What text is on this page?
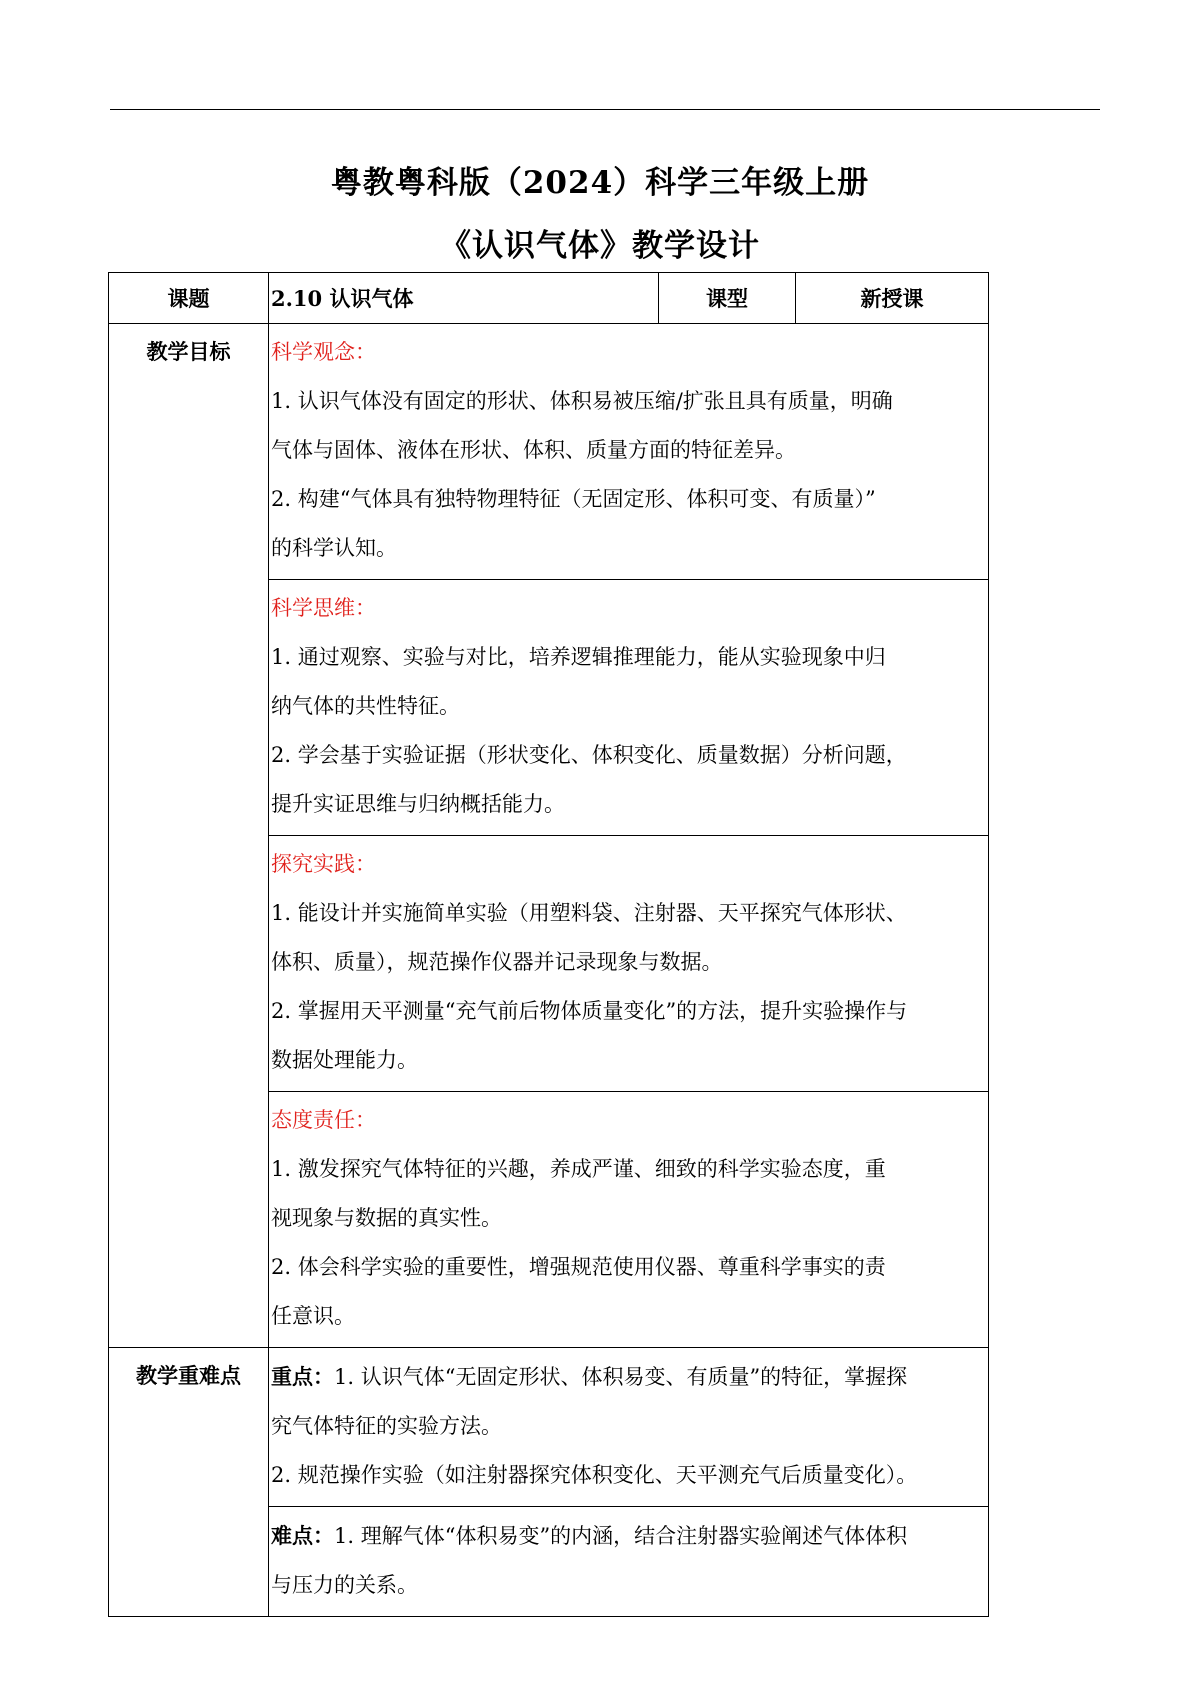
粤教粤科版（2024）科学三年级上册
《认识气体》教学设计
课题	2.10 认识气体	课型	新授课
教学目标	科学观念：

1. 认识气体没有固定的形状、体积易被压缩/扩张且具有质量，明确

气体与固体、液体在形状、体积、质量方面的特征差异。

2. 构建“气体具有独特物理特征（无固定形、体积可变、有质量）”

的科学认知。		

	科学思维：

1. 通过观察、实验与对比，培养逻辑推理能力，能从实验现象中归

纳气体的共性特征。

2. 学会基于实验证据（形状变化、体积变化、质量数据）分析问题，

提升实证思维与归纳概括能力。		

	探究实践：

1. 能设计并实施简单实验（用塑料袋、注射器、天平探究气体形状、

体积、质量），规范操作仪器并记录现象与数据。

2. 掌握用天平测量“充气前后物体质量变化”的方法，提升实验操作与

数据处理能力。		

	态度责任：

1. 激发探究气体特征的兴趣，养成严谨、细致的科学实验态度，重

视现象与数据的真实性。

2. 体会科学实验的重要性，增强规范使用仪器、尊重科学事实的责

任意识。		

教学重难点	重点：1. 认识气体“无固定形状、体积易变、有质量”的特征，掌握探

究气体特征的实验方法。

2. 规范操作实验（如注射器探究体积变化、天平测充气后质量变化）。		

	难点：1. 理解气体“体积易变”的内涵，结合注射器实验阐述气体体积

与压力的关系。		
